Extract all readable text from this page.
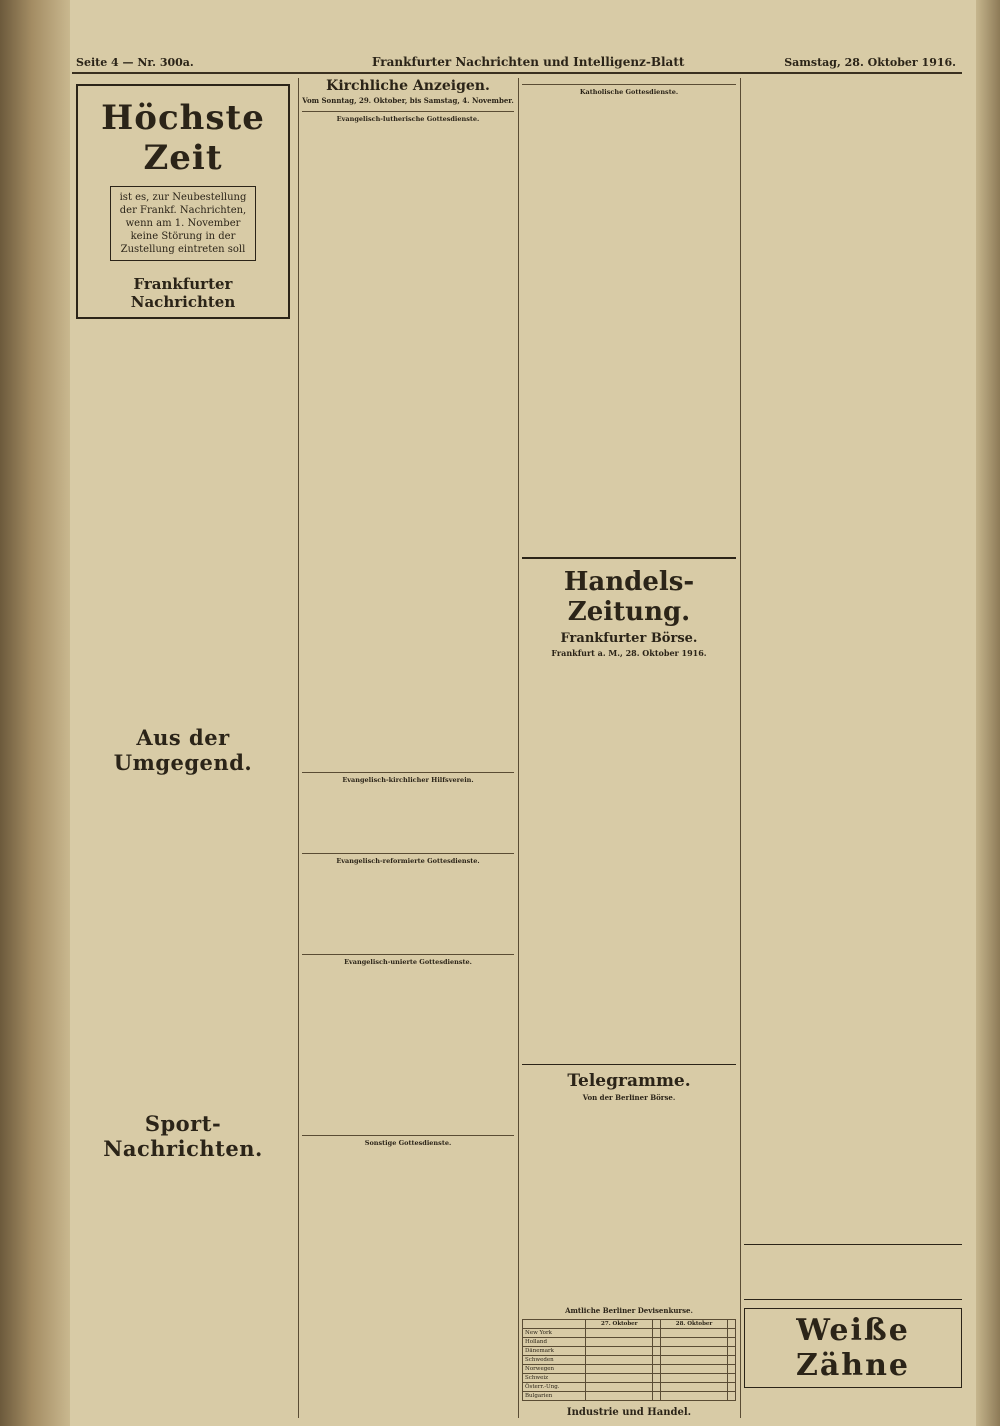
Seite 4 — Nr. 300a.	Frankfurter Nachrichten und Intelligenz-Blatt	Samstag, 28. Oktober 1916.
Höchste Zeit
ist es, zur Neubestellung der Frankf. Nachrichten, wenn am 1. November keine Störung in der Zustellung eintreten soll
Frankfurter Nachrichten
Aus der Umgegend.
Sport-Nachrichten.
Kirchliche Anzeigen.
Vom Sonntag, 29. Oktober, bis Samstag, 4. November.
Evangelisch-lutherische Gottesdienste.
Evangelisch-kirchlicher Hilfsverein.
Evangelisch-reformierte Gottesdienste.
Evangelisch-unierte Gottesdienste.
Sonstige Gottesdienste.
Katholische Gottesdienste.
Handels-Zeitung.
Frankfurter Börse.
Frankfurt a. M., 28. Oktober 1916.
Telegramme.
Von der Berliner Börse.
Amtliche Berliner Devisenkurse.
	27. Oktober		28. Oktober	
New York				
Holland				
Dänemark				
Schweden				
Norwegen				
Schweiz				
Österr.-Ung.				
Bulgarien				
Industrie und Handel.
Weiße Zähne
